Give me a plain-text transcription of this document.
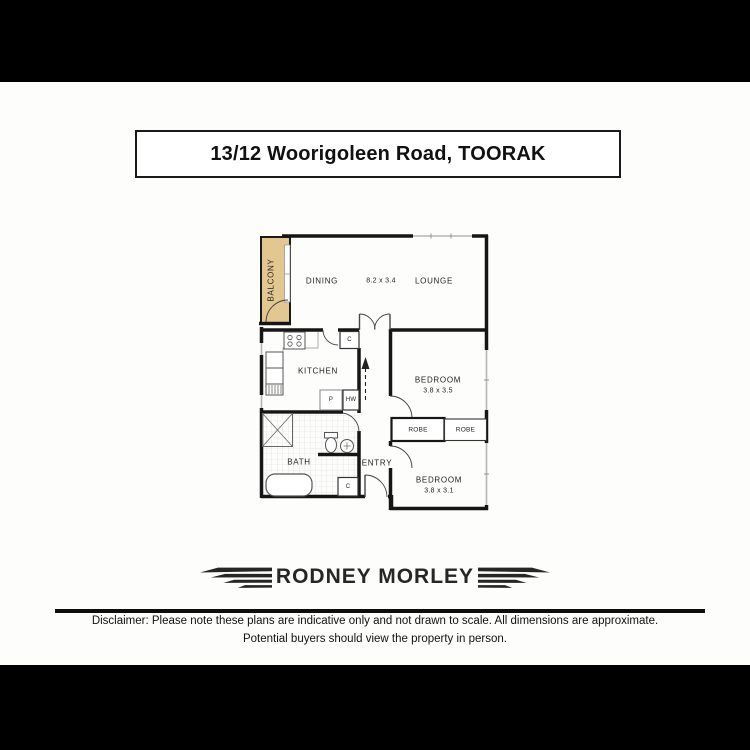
13/12 Woorigoleen Road, TOORAK
BALCONY	DINING	8.2 x 3.4 LOUNGE
KITCHEN
C
P HW
BEDROOM
3.8 x 3.5
ROBE	ROBE
BEDROOM
3.8 x 3.1
BATH	ENTRY
C
RODNEY MORLEY
Disclaimer: Please note these plans are indicative only and not drawn to scale. All dimensions are approximate.
Potential buyers should view the property in person.
